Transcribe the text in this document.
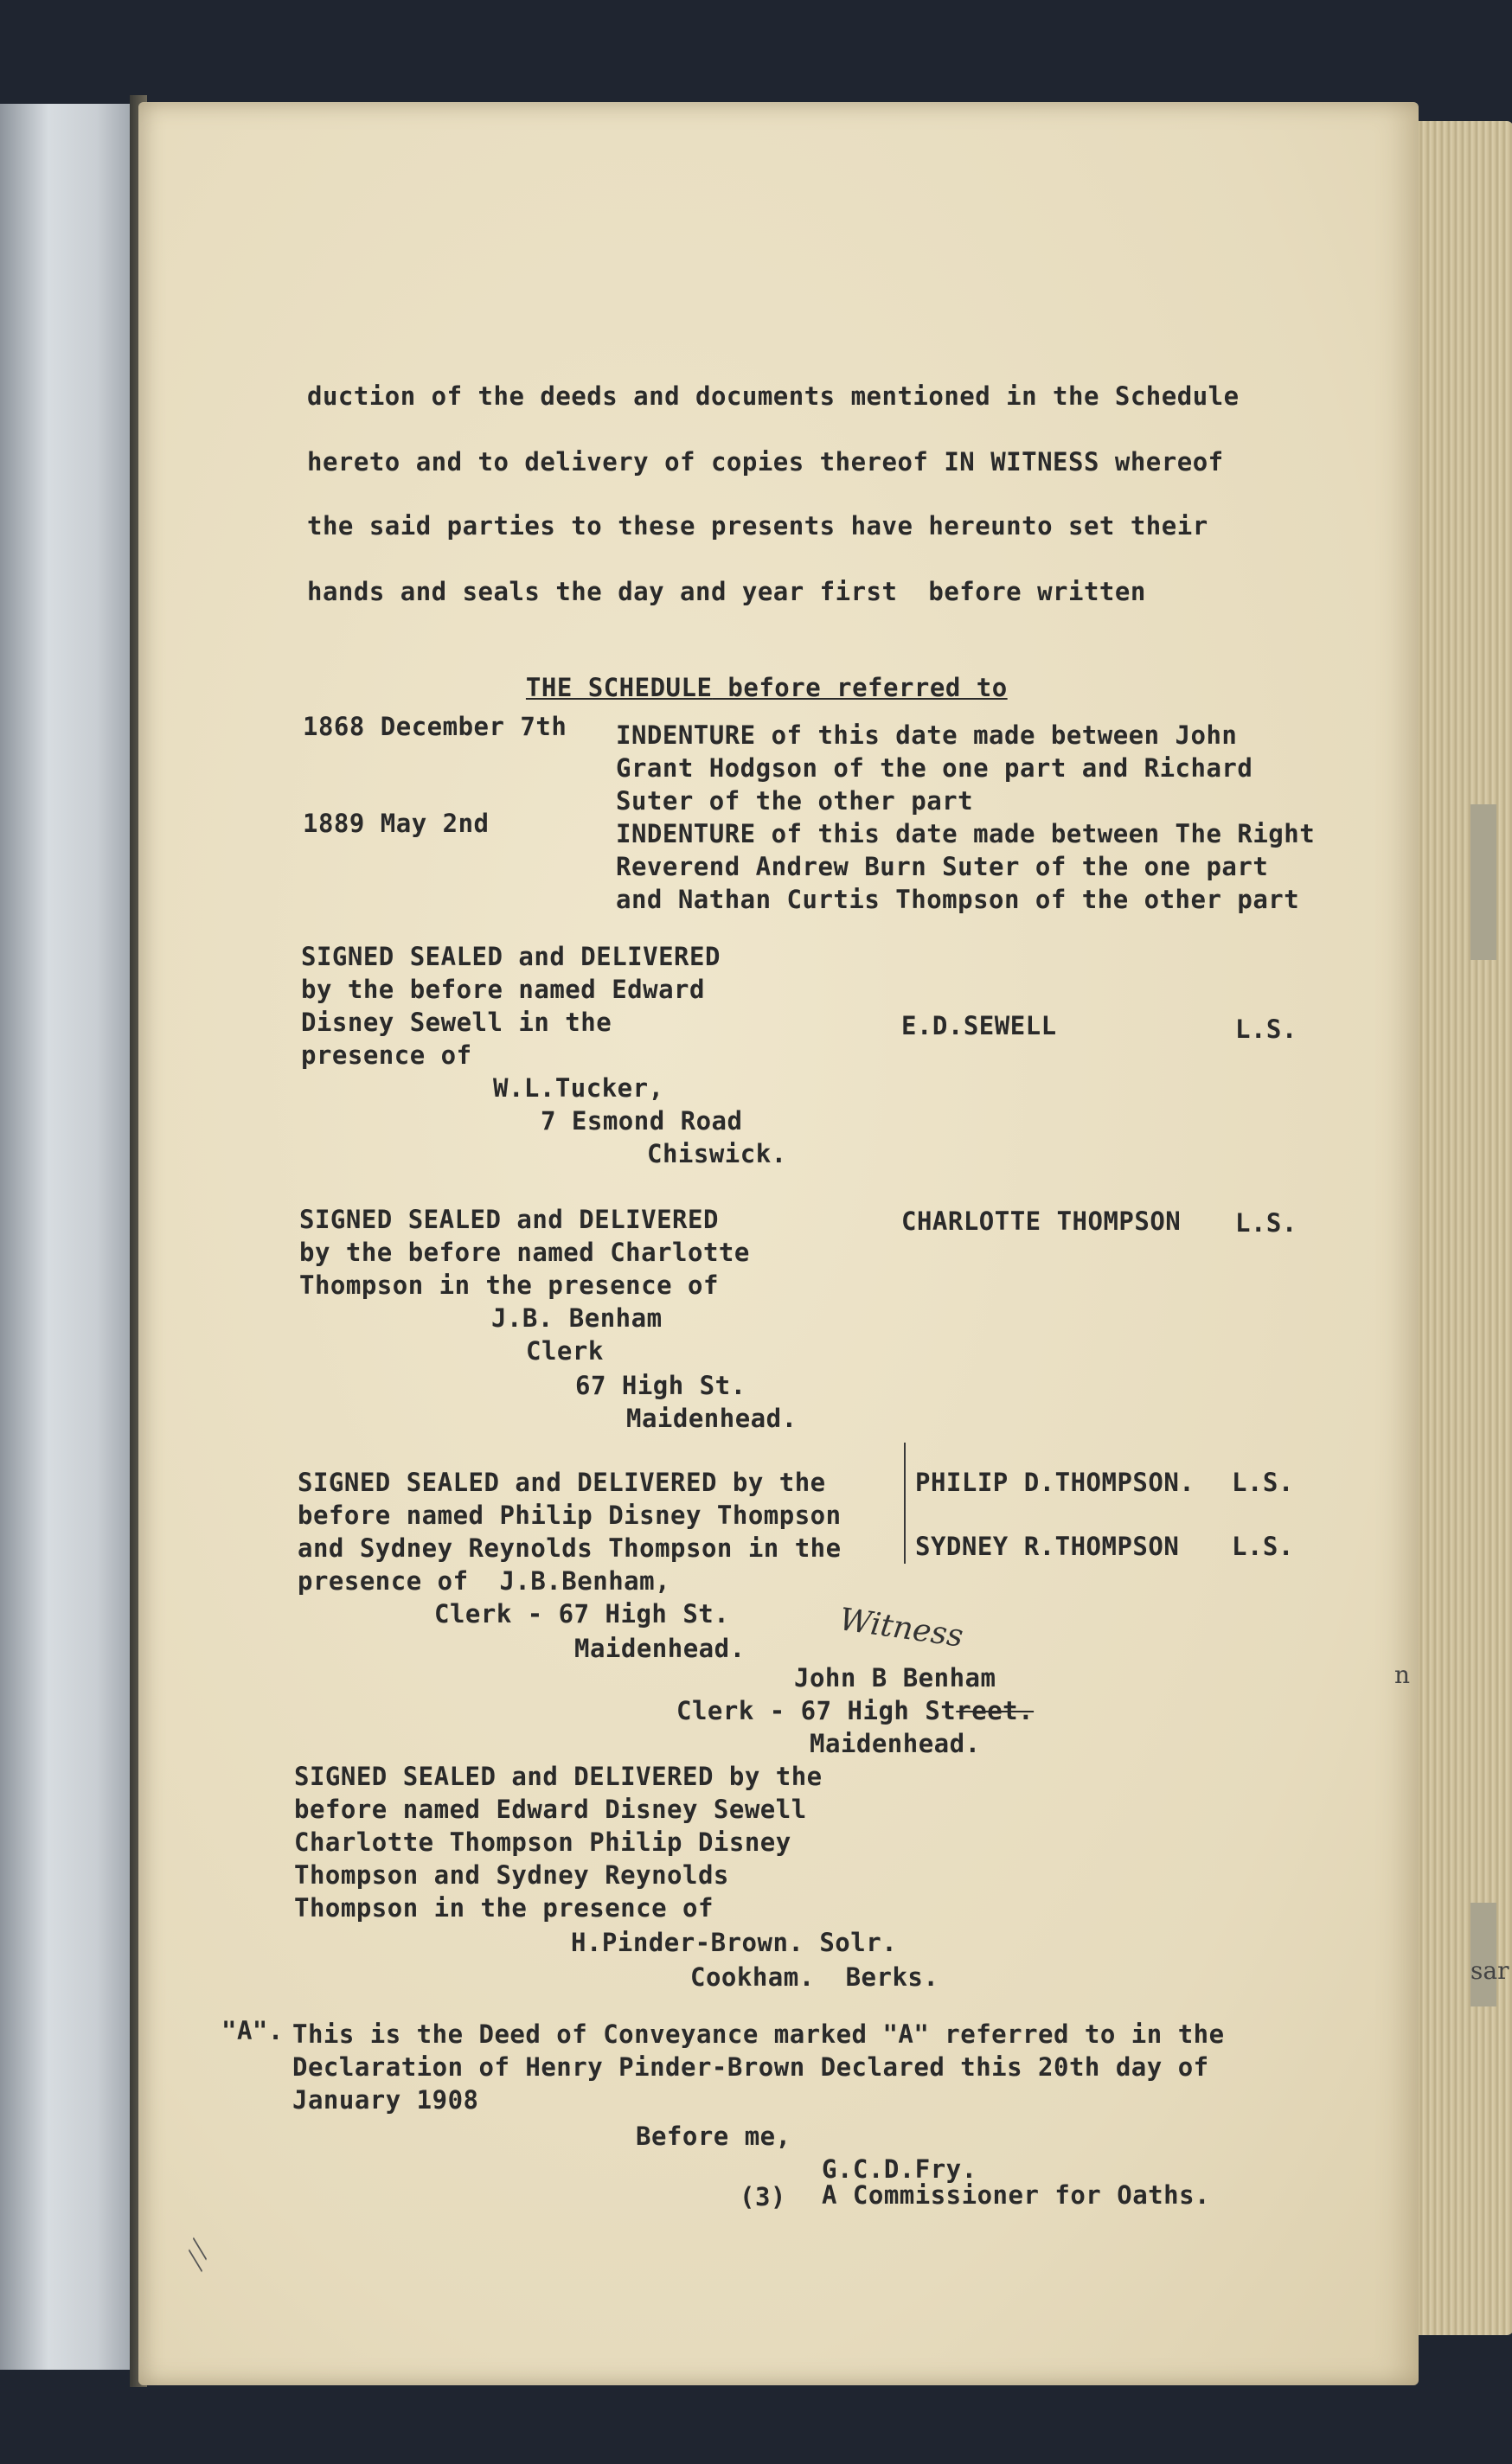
duction of the deeds and documents mentioned in the Schedule
hereto and to delivery of copies thereof IN WITNESS whereof
the said parties to these presents have hereunto set their
hands and seals the day and year first  before written

THE SCHEDULE before referred to

1868 December 7th INDENTURE of this date made between John
Grant Hodgson of the one part and Richard
Suter of the other part
1889 May 2nd	INDENTURE of this date made between The Right
Reverend Andrew Burn Suter of the one part
and Nathan Curtis Thompson of the other part
SIGNED SEALED and DELIVERED
by the before named Edward
Disney Sewell in the
presence of
W.L.Tucker,
7 Esmond Road
Chiswick.
E.D.SEWELL	L.S.
SIGNED SEALED and DELIVERED
by the before named Charlotte
Thompson in the presence of
J.B. Benham
Clerk
67 High St.
Maidenhead.
CHARLOTTE THOMPSON L.S.
SIGNED SEALED and DELIVERED by the
before named Philip Disney Thompson
and Sydney Reynolds Thompson in the
presence of  J.B.Benham,
Clerk - 67 High St.
Maidenhead.
PHILIP D.THOMPSON. L.S.
SYDNEY R.THOMPSON L.S.
Witness
John B Benham
Clerk - 67 High Street.
Maidenhead.
SIGNED SEALED and DELIVERED by the
before named Edward Disney Sewell
Charlotte Thompson Philip Disney
Thompson and Sydney Reynolds
Thompson in the presence of
H.Pinder-Brown. Solr.
Cookham.  Berks.
"A". This is the Deed of Conveyance marked "A" referred to in the
Declaration of Henry Pinder-Brown Declared this 20th day of
January 1908
Before me,
G.C.D.Fry.
(3) A Commissioner for Oaths.
⁄ ⁄
n
sar
